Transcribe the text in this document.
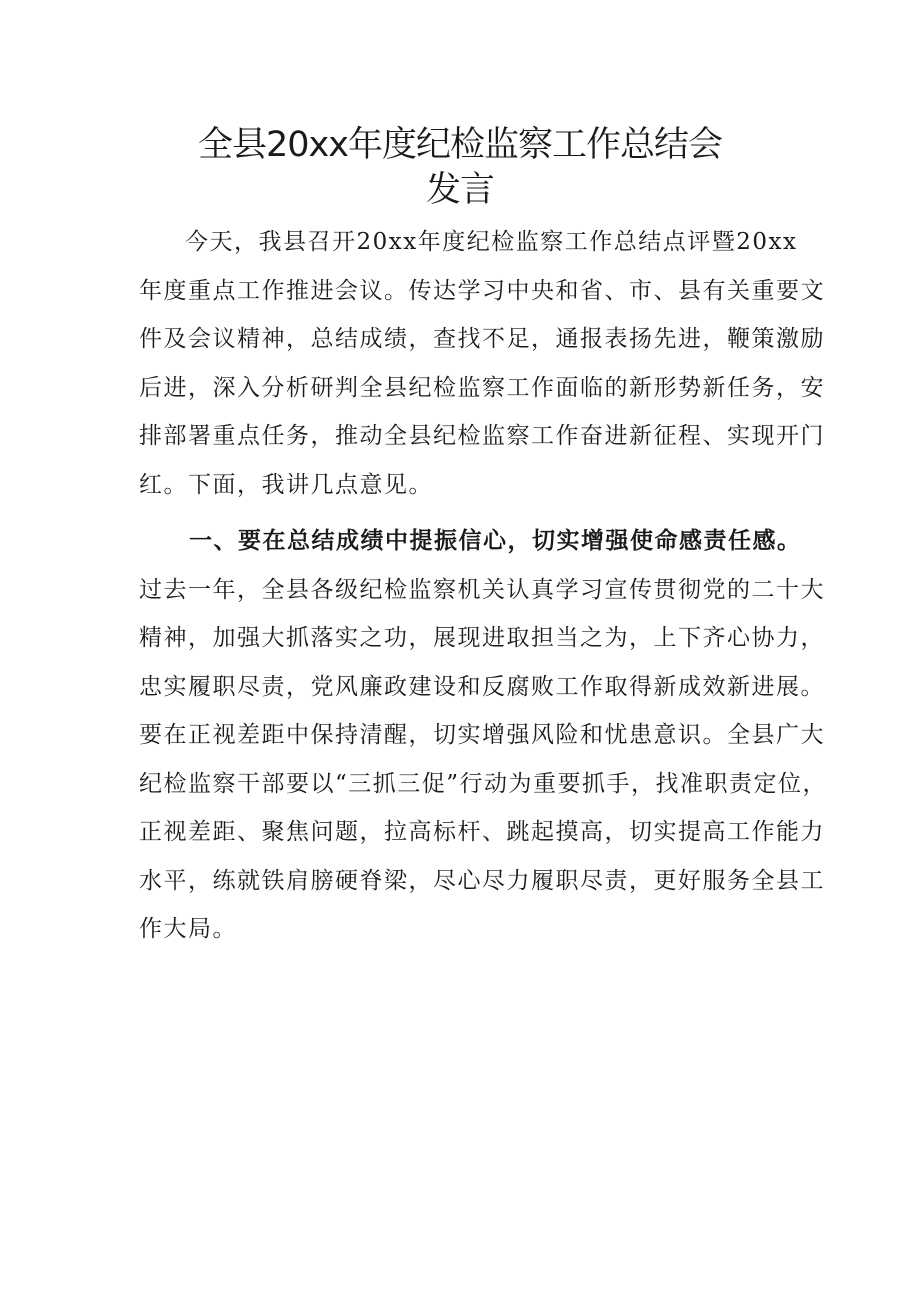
全县20xx年度纪检监察工作总结会
发言
今天，我县召开20xx年度纪检监察工作总结点评暨20xx
年度重点工作推进会议。传达学习中央和省、市、县有关重要文
件及会议精神，总结成绩，查找不足，通报表扬先进，鞭策激励
后进，深入分析研判全县纪检监察工作面临的新形势新任务，安
排部署重点任务，推动全县纪检监察工作奋进新征程、实现开门
红。下面，我讲几点意见。
一、要在总结成绩中提振信心，切实增强使命感责任感。
过去一年，全县各级纪检监察机关认真学习宣传贯彻党的二十大
精神，加强大抓落实之功，展现进取担当之为，上下齐心协力，
忠实履职尽责，党风廉政建设和反腐败工作取得新成效新进展。
要在正视差距中保持清醒，切实增强风险和忧患意识。全县广大
纪检监察干部要以“三抓三促”行动为重要抓手，找准职责定位，
正视差距、聚焦问题，拉高标杆、跳起摸高，切实提高工作能力
水平，练就铁肩膀硬脊梁，尽心尽力履职尽责，更好服务全县工
作大局。
